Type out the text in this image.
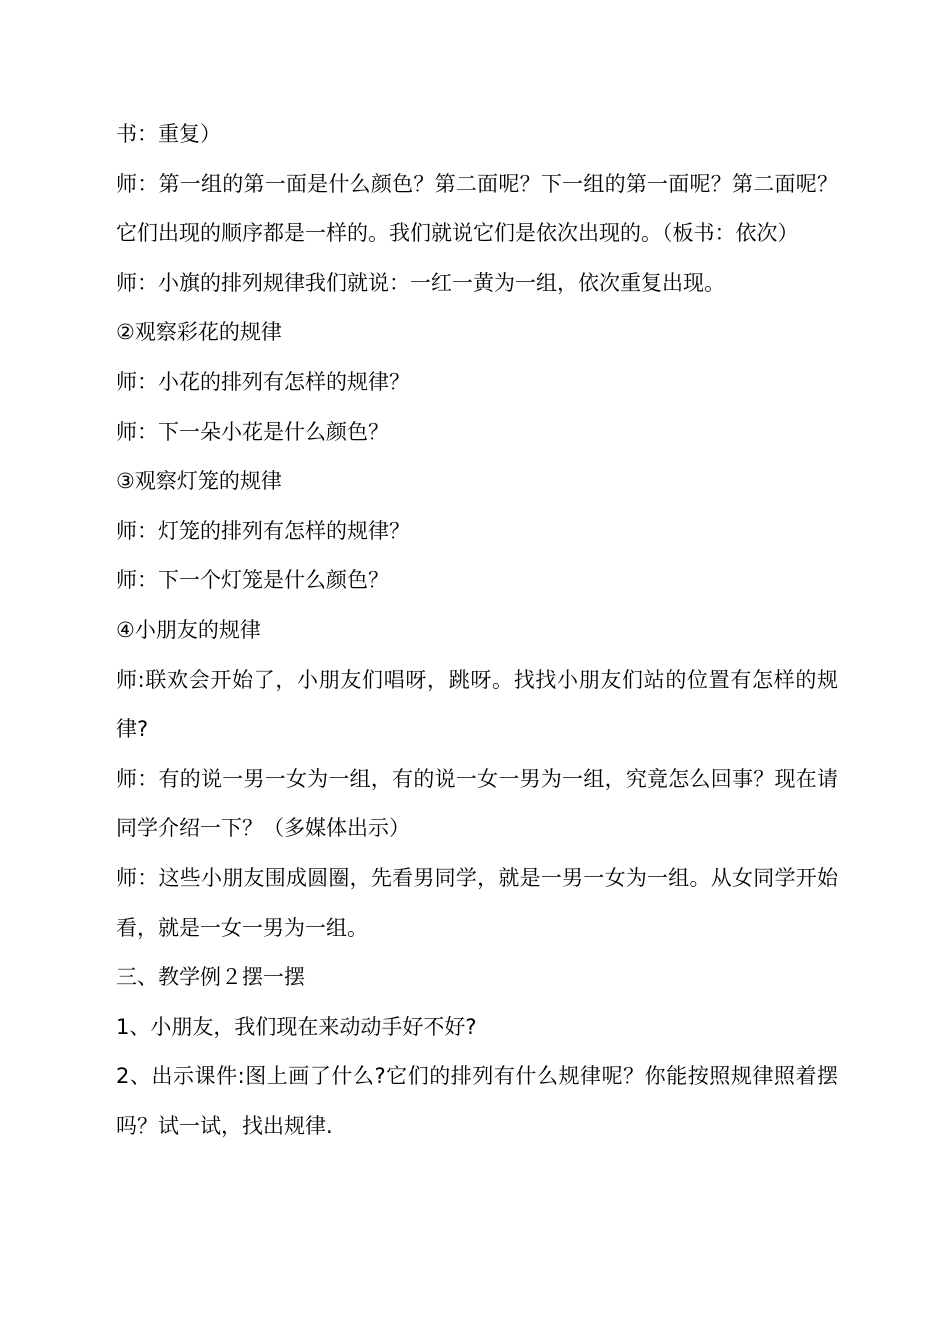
书：重复）

师：第一组的第一面是什么颜色？第二面呢？下一组的第一面呢？第二面呢？它们出现的顺序都是一样的。我们就说它们是依次出现的。（板书：依次）

师：小旗的排列规律我们就说：一红一黄为一组，依次重复出现。

②观察彩花的规律

师：小花的排列有怎样的规律？

师：下一朵小花是什么颜色？

③观察灯笼的规律

师：灯笼的排列有怎样的规律？

师：下一个灯笼是什么颜色？

④小朋友的规律

师:联欢会开始了，小朋友们唱呀，跳呀。找找小朋友们站的位置有怎样的规律?

师：有的说一男一女为一组，有的说一女一男为一组，究竟怎么回事？现在请同学介绍一下？（多媒体出示）

师：这些小朋友围成圆圈，先看男同学，就是一男一女为一组。从女同学开始看，就是一女一男为一组。

三、教学例２摆一摆

1、小朋友，我们现在来动动手好不好?

2、出示课件:图上画了什么?它们的排列有什么规律呢？你能按照规律照着摆吗？试一试，找出规律.
